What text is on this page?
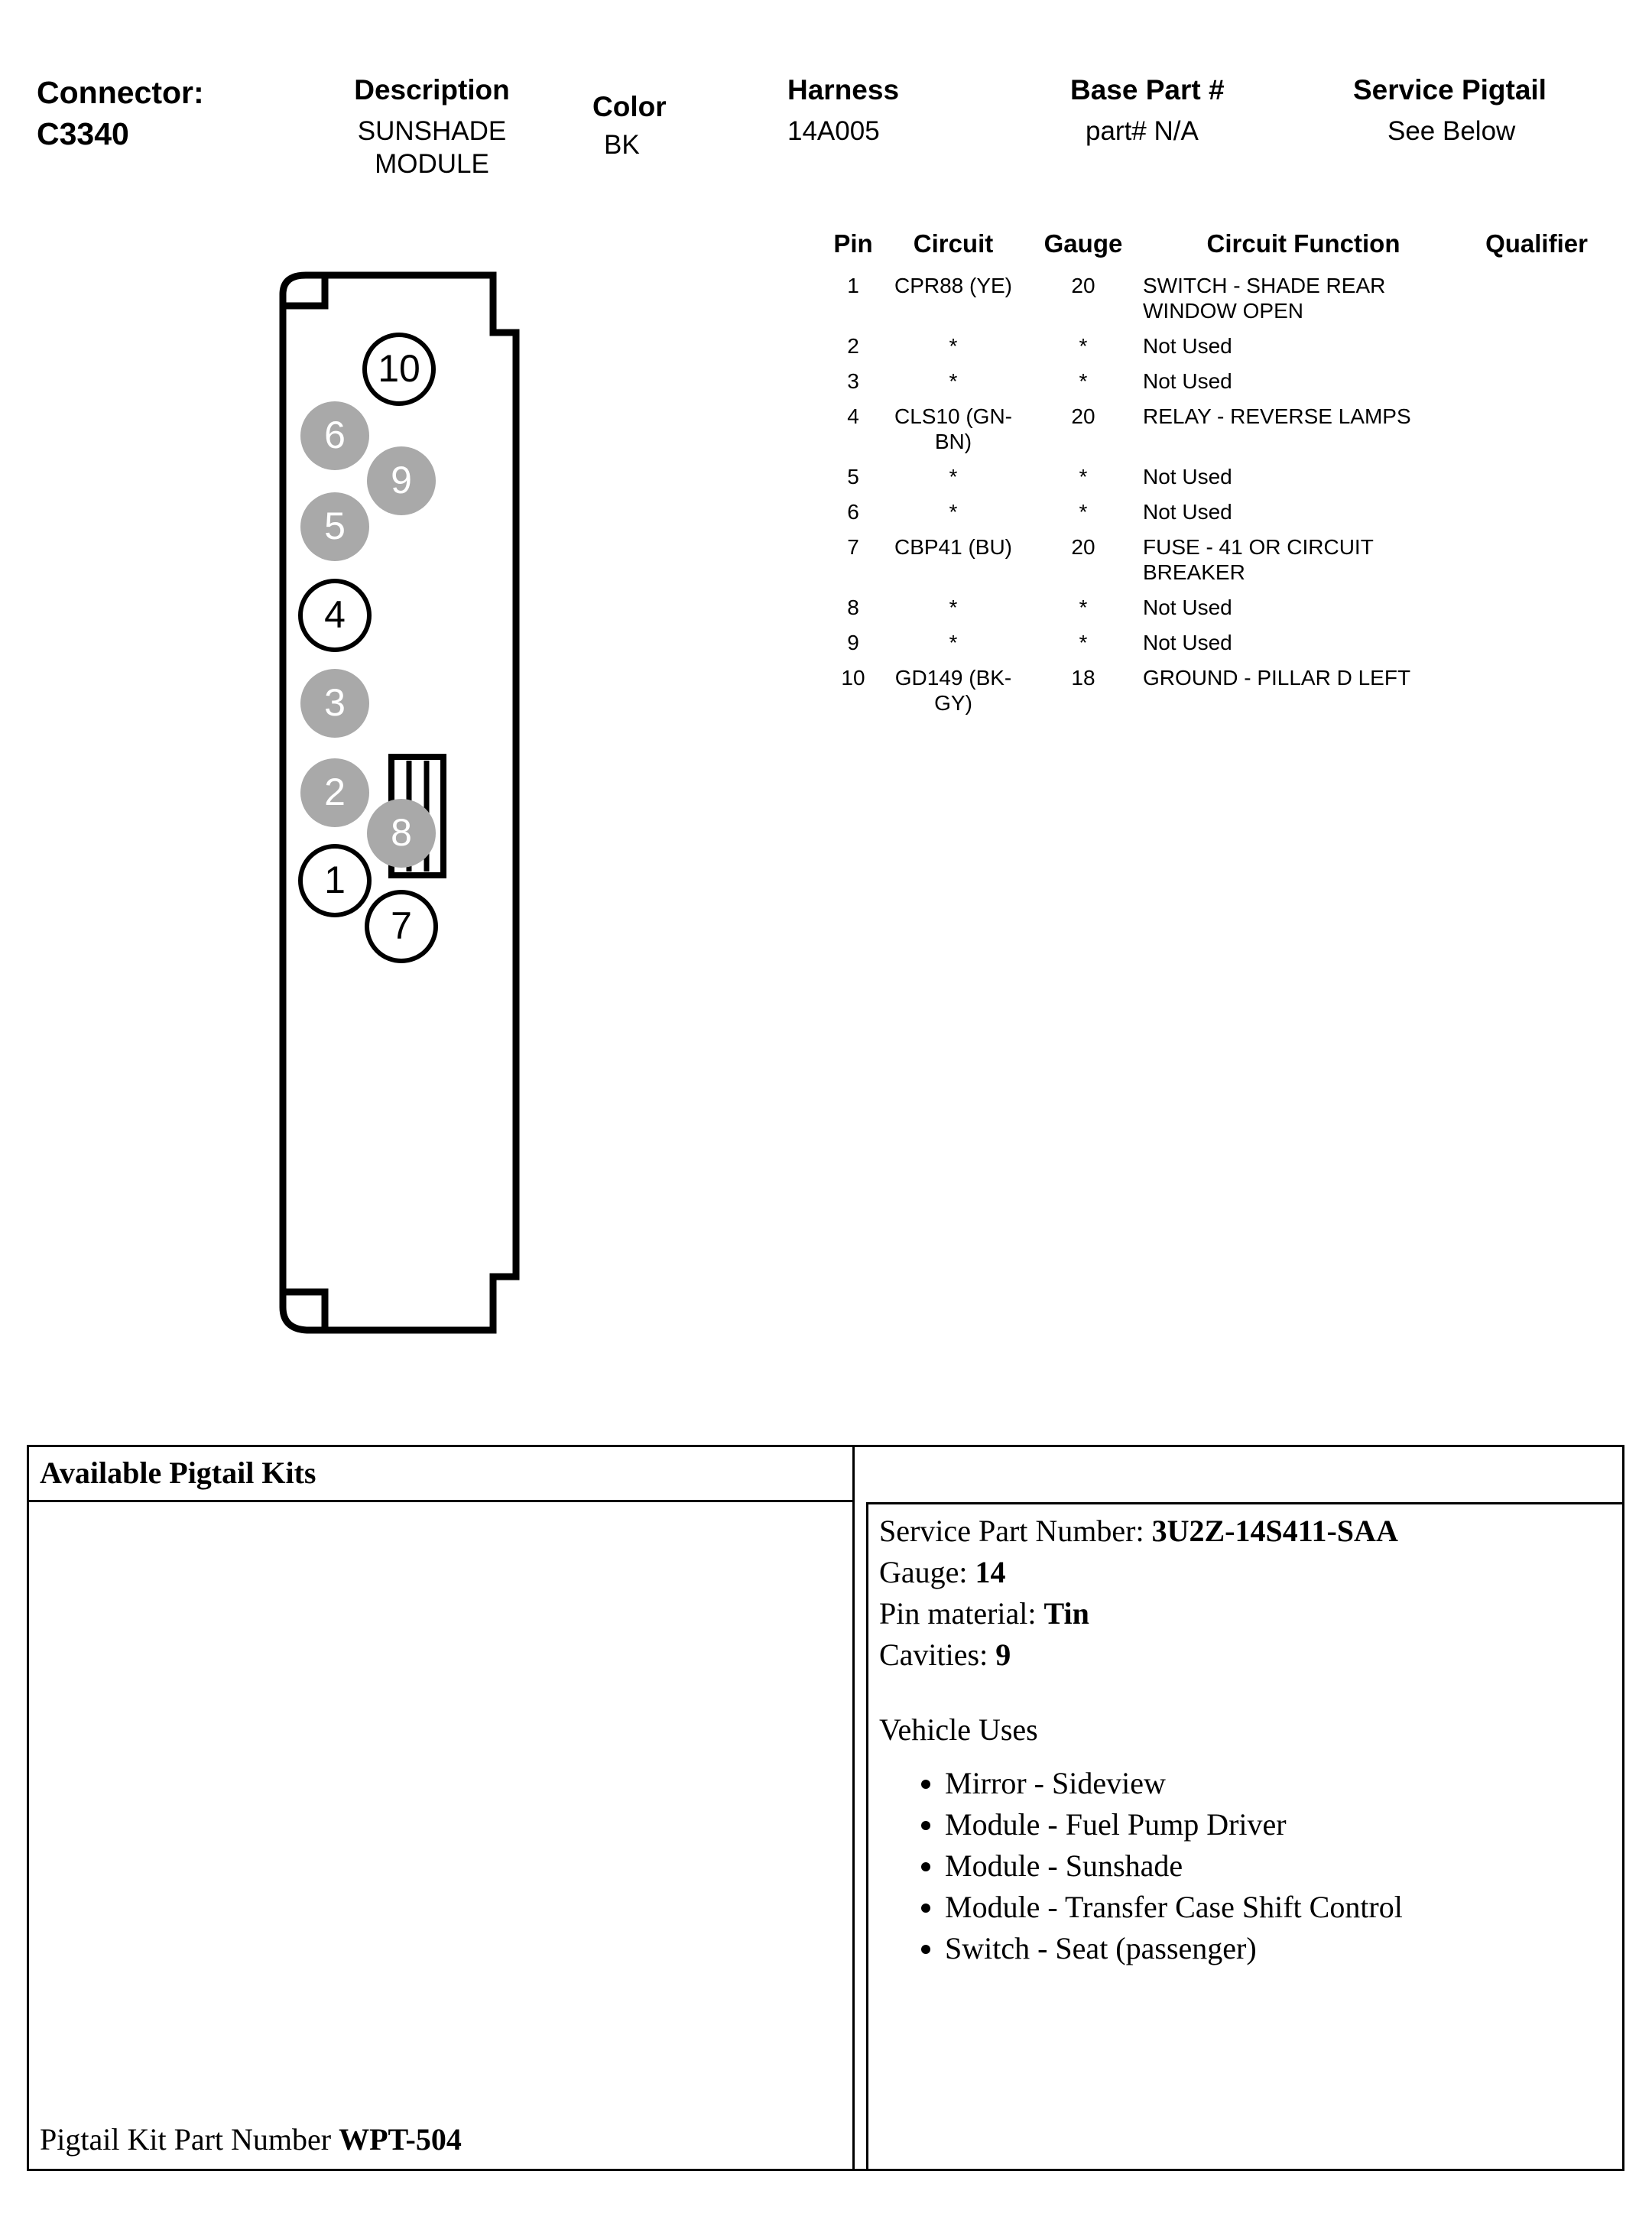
Connector:
C3340
Description
SUNSHADE MODULE
Color
BK
Harness
14A005
Base Part #
part# N/A
Service Pigtail
See Below
Pin	Circuit	Gauge	Circuit Function	Qualifier
1	CPR88 (YE)	20	SWITCH - SHADE REAR WINDOW OPEN	
2	*	*	Not Used	
3	*	*	Not Used	
4	CLS10 (GN-BN)	20	RELAY - REVERSE LAMPS	
5	*	*	Not Used	
6	*	*	Not Used	
7	CBP41 (BU)	20	FUSE - 41 OR CIRCUIT BREAKER	
8	*	*	Not Used	
9	*	*	Not Used	
10	GD149 (BK-GY)	18	GROUND - PILLAR D LEFT	
10
6
9
5
4
3
2
8
1
7
Available Pigtail Kits
Pigtail Kit Part Number WPT-504
Service Part Number: 3U2Z-14S411-SAA
Gauge: 14
Pin material: Tin
Cavities: 9
Vehicle Uses
• Mirror - Sideview
• Module - Fuel Pump Driver
• Module - Sunshade
• Module - Transfer Case Shift Control
• Switch - Seat (passenger)
